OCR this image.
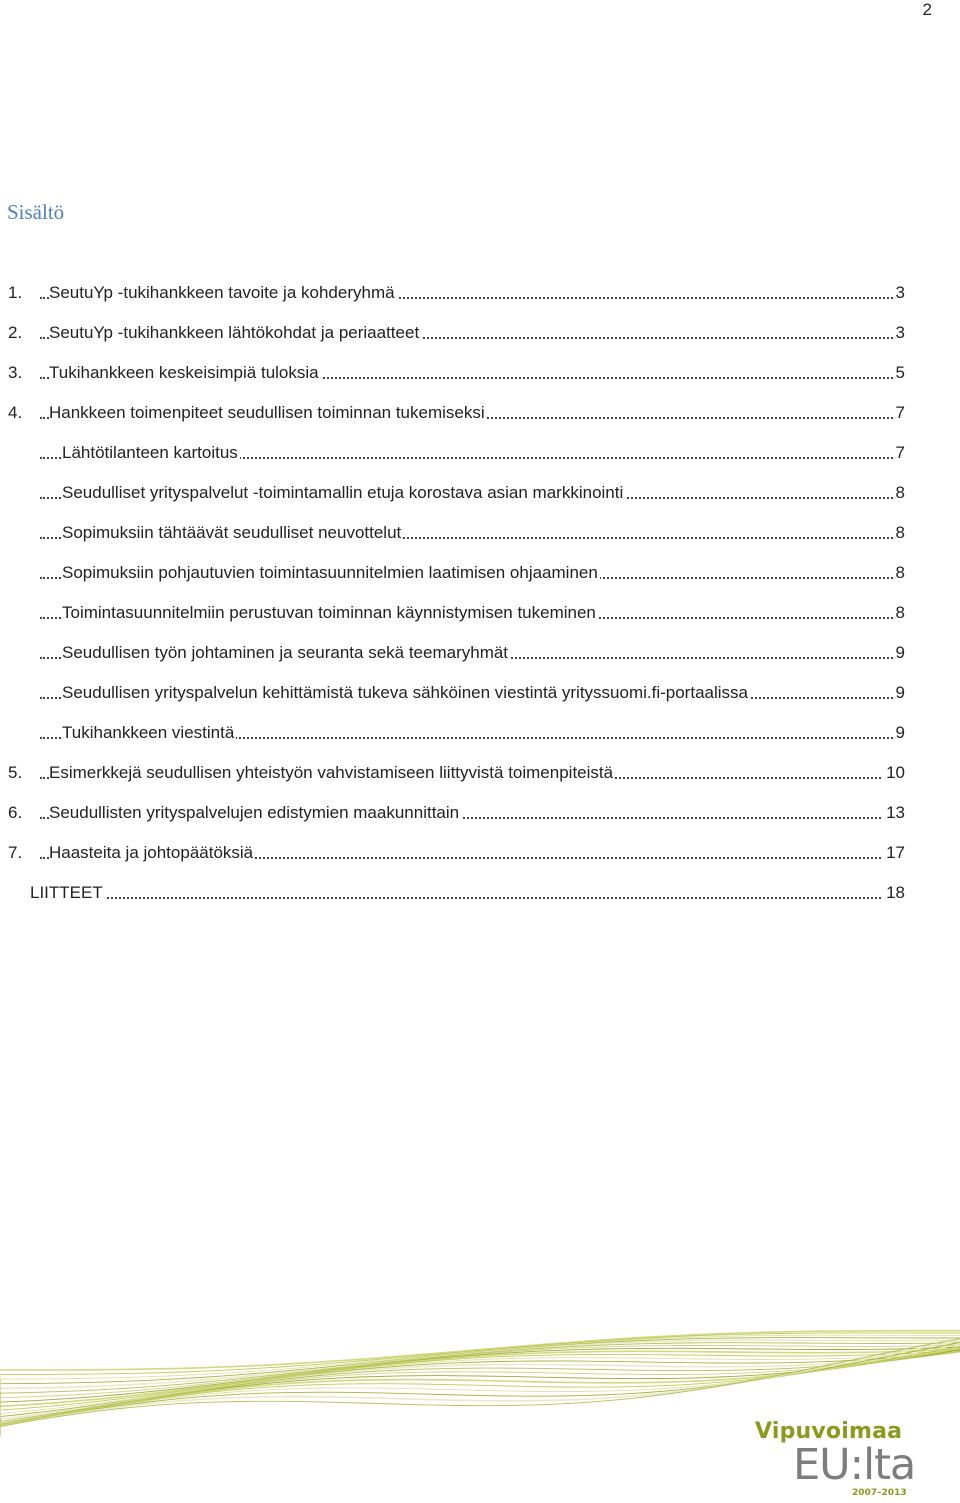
2
Sisältö
1.	SeutuYp -tukihankkeen tavoite ja kohderyhmä	3
2.	SeutuYp -tukihankkeen lähtökohdat ja periaatteet	3
3.	Tukihankkeen keskeisimpiä tuloksia	5
4.	Hankkeen toimenpiteet seudullisen toiminnan tukemiseksi	7
Lähtötilanteen kartoitus	7
Seudulliset yrityspalvelut -toimintamallin etuja korostava asian markkinointi	8
Sopimuksiin tähtäävät seudulliset neuvottelut	8
Sopimuksiin pohjautuvien toimintasuunnitelmien laatimisen ohjaaminen	8
Toimintasuunnitelmiin perustuvan toiminnan käynnistymisen tukeminen	8
Seudullisen työn johtaminen ja seuranta sekä teemaryhmät	9
Seudullisen yrityspalvelun kehittämistä tukeva sähköinen viestintä yrityssuomi.fi-portaalissa	9
Tukihankkeen viestintä	9
5.	Esimerkkejä seudullisen yhteistyön vahvistamiseen liittyvistä toimenpiteistä	10
6.	Seudullisten yrityspalvelujen edistymien maakunnittain	13
7.	Haasteita ja johtopäätöksiä	17
LIITTEET	18
Vipuvoimaa
EU:lta
2007–2013
